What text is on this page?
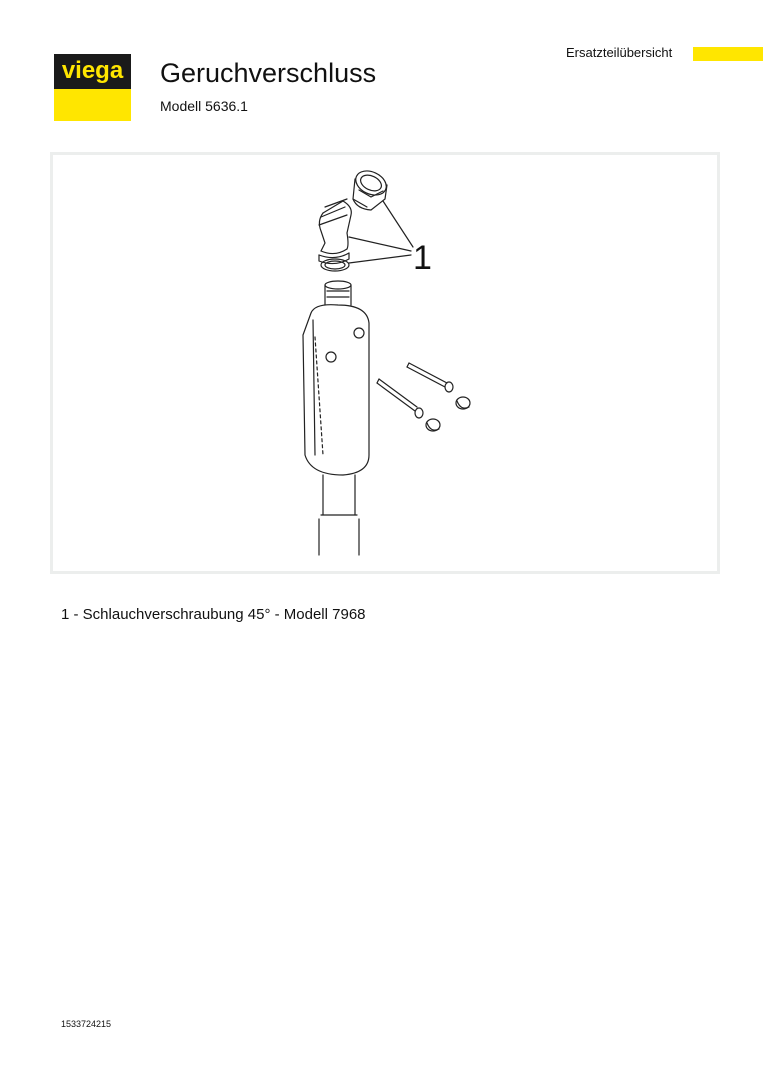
viega Geruchverschluss
Modell 5636.1
Ersatzteilübersicht
1
1 - Schlauchverschraubung 45° - Modell 7968
1533724215
